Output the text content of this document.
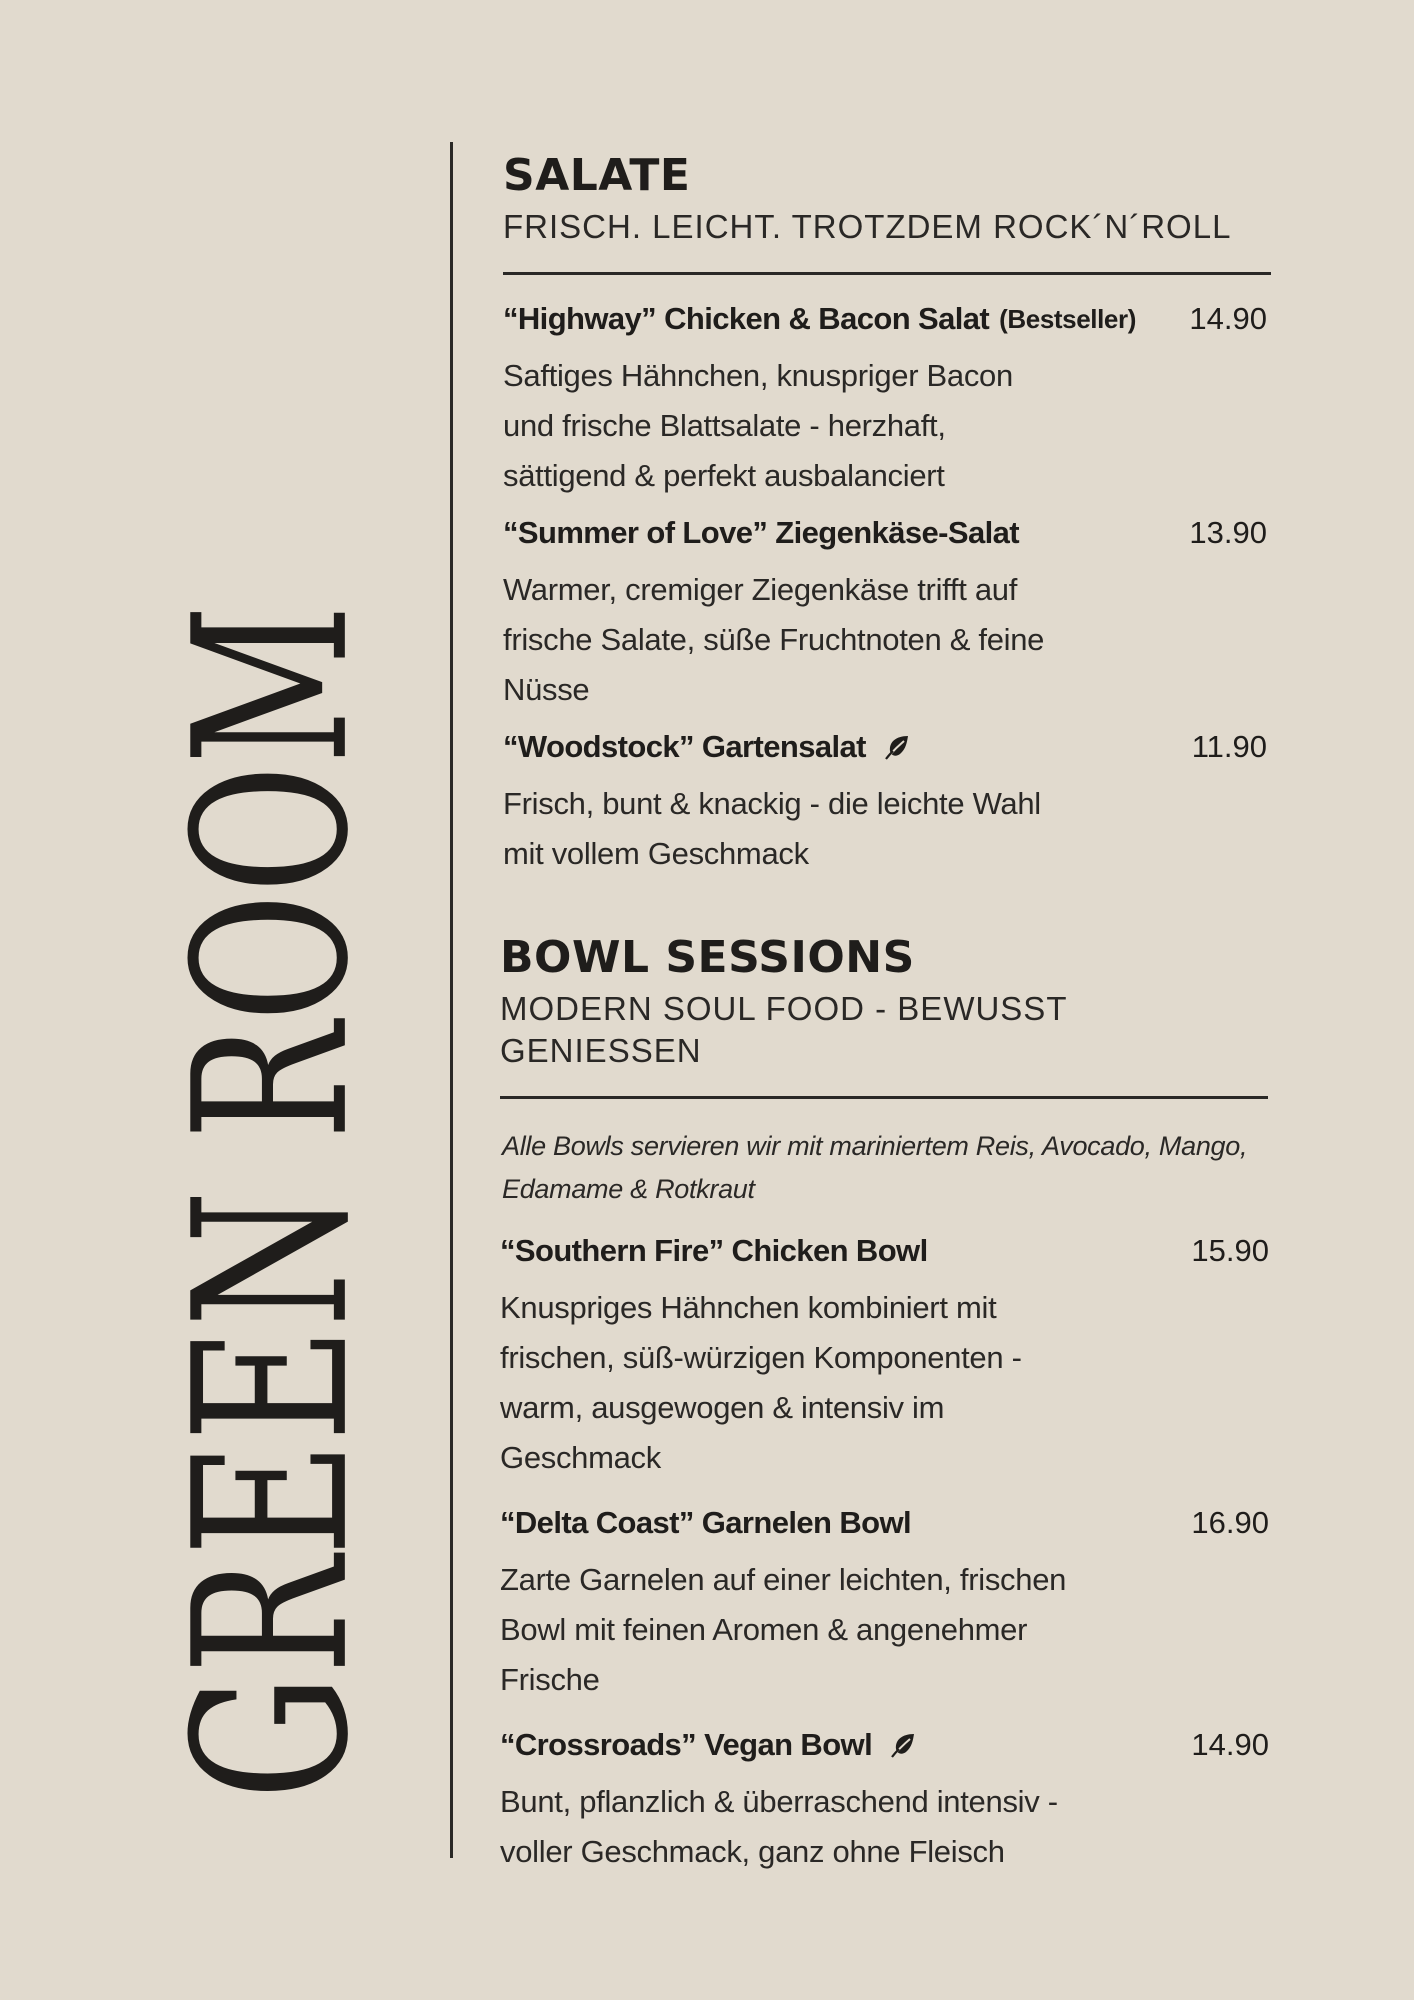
GREEN ROOM
SALATE

FRISCH. LEICHT. TROTZDEM ROCK´N´ROLL

“Highway” Chicken & Bacon Salat (Bestseller) 14.90

Saftiges Hähnchen, knuspriger Bacon
und frische Blattsalate - herzhaft,
sättigend & perfekt ausbalanciert

“Summer of Love” Ziegenkäse-Salat	13.90

Warmer, cremiger Ziegenkäse trifft auf
frische Salate, süße Fruchtnoten & feine
Nüsse

“Woodstock” Gartensalat	11.90

Frisch, bunt & knackig - die leichte Wahl
mit vollem Geschmack

BOWL SESSIONS

MODERN SOUL FOOD - BEWUSST GENIESSEN

Alle Bowls servieren wir mit mariniertem Reis, Avocado, Mango,
Edamame & Rotkraut

“Southern Fire” Chicken Bowl	15.90

Knuspriges Hähnchen kombiniert mit
frischen, süß-würzigen Komponenten -
warm, ausgewogen & intensiv im
Geschmack

“Delta Coast” Garnelen Bowl	16.90

Zarte Garnelen auf einer leichten, frischen
Bowl mit feinen Aromen & angenehmer
Frische

“Crossroads” Vegan Bowl	14.90

Bunt, pflanzlich & überraschend intensiv -
voller Geschmack, ganz ohne Fleisch
